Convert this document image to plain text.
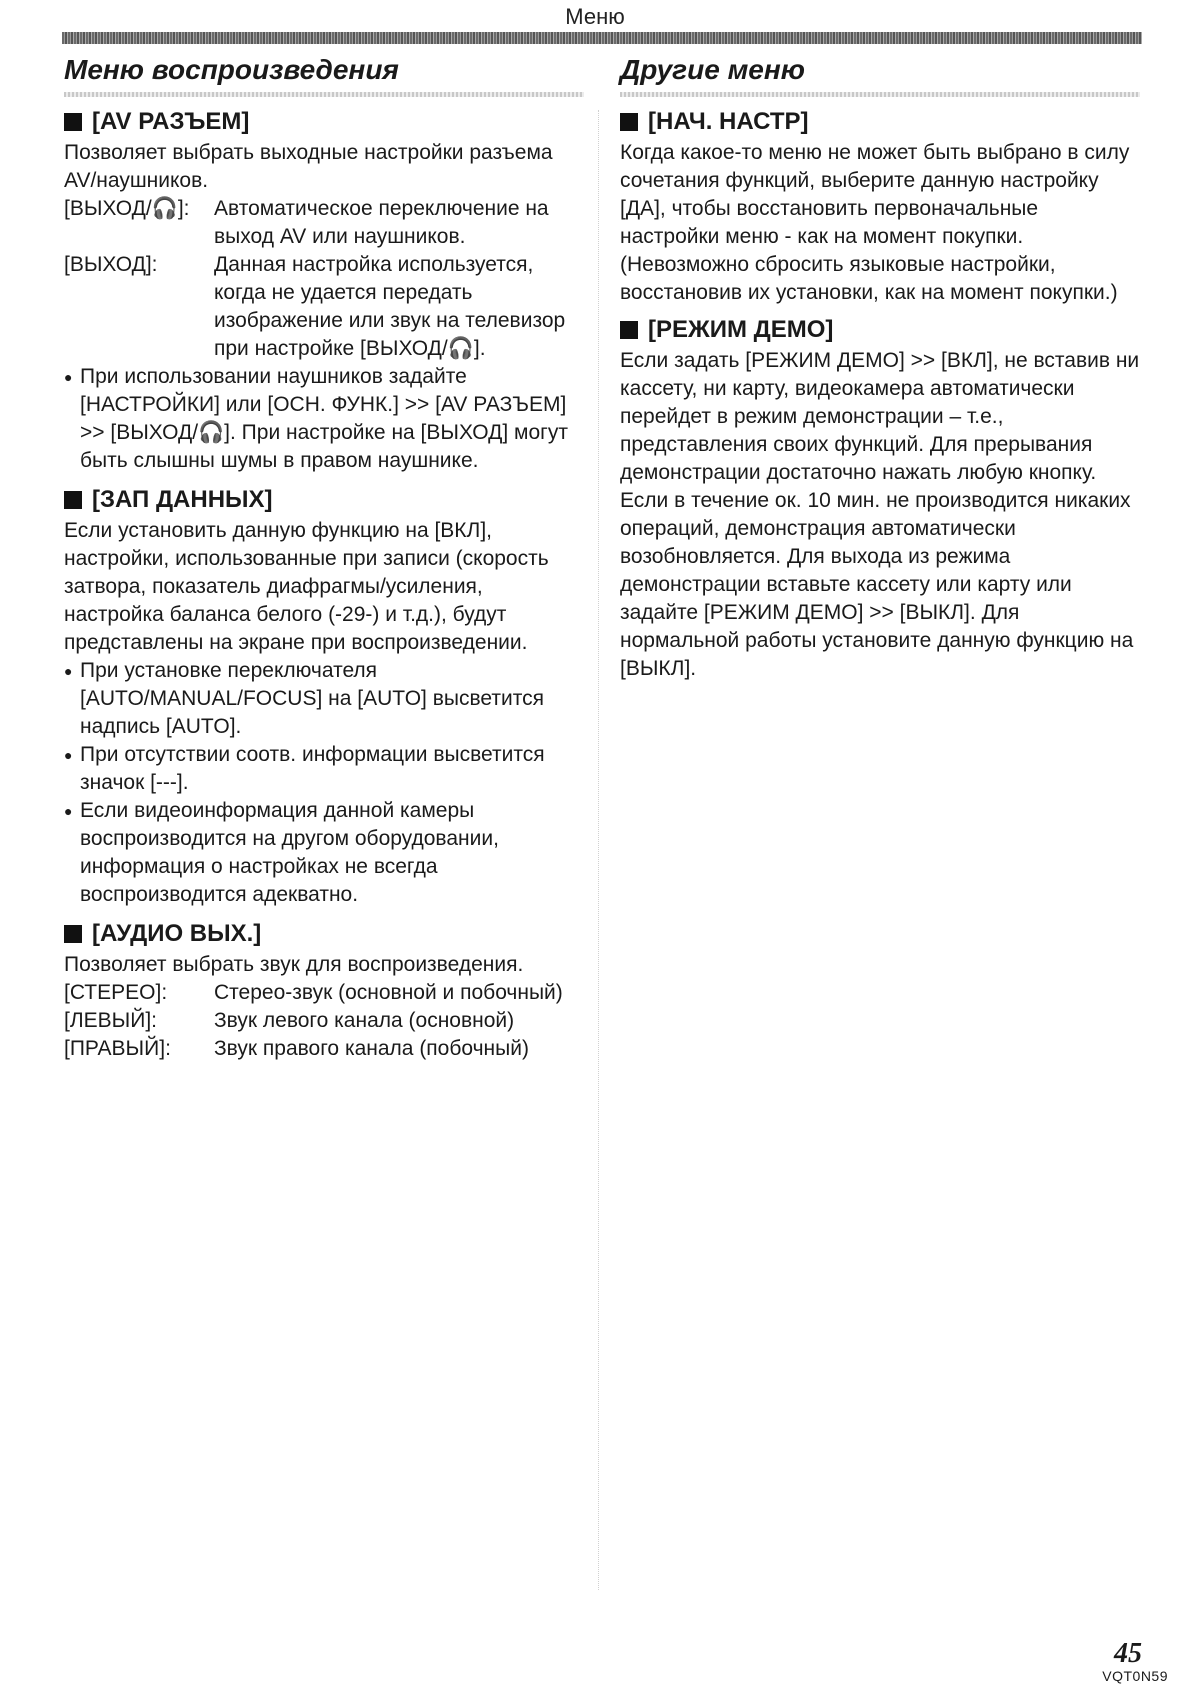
Меню
Меню воспроизведения
[AV РАЗЪЕМ]

Позволяет выбрать выходные настройки разъема AV/наушников.

[ВЫХОД/🎧]:	Автоматическое переключение на выход AV или наушников.
[ВЫХОД]:	Данная настройка используется, когда не удается передать изображение или звук на телевизор при настройке [ВЫХОД/🎧].
● При использовании наушников задайте [НАСТРОЙКИ] или [ОСН. ФУНК.] >> [AV РАЗЪЕМ] >> [ВЫХОД/🎧]. При настройке на [ВЫХОД] могут быть слышны шумы в правом наушнике.
[ЗАП ДАННЫХ]

Если установить данную функцию на [ВКЛ], настройки, использованные при записи (скорость затвора, показатель диафрагмы/усиления, настройка баланса белого (-29-) и т.д.), будут представлены на экране при воспроизведении.

● При установке переключателя [AUTO/MANUAL/FOCUS] на [AUTO] высветится надпись [AUTO].
● При отсутствии соотв. информации высветится значок [---].
● Если видеоинформация данной камеры воспроизводится на другом оборудовании, информация о настройках не всегда воспроизводится адекватно.
[АУДИО ВЫХ.]

Позволяет выбрать звук для воспроизведения.

[СТЕРЕО]:	Стерео-звук (основной и побочный)
[ЛЕВЫЙ]:	Звук левого канала (основной)
[ПРАВЫЙ]:	Звук правого канала (побочный)
Другие меню
[НАЧ. НАСТР]

Когда какое-то меню не может быть выбрано в силу сочетания функций, выберите данную настройку [ДА], чтобы восстановить первоначальные настройки меню - как на момент покупки. (Невозможно сбросить языковые настройки, восстановив их установки, как на момент покупки.)

[РЕЖИМ ДЕМО]

Если задать [РЕЖИМ ДЕМО] >> [ВКЛ], не вставив ни кассету, ни карту, видеокамера автоматически перейдет в режим демонстрации – т.е., представления своих функций. Для прерывания демонстрации достаточно нажать любую кнопку. Если в течение ок. 10 мин. не производится никаких операций, демонстрация автоматически возобновляется. Для выхода из режима демонстрации вставьте кассету или карту или задайте [РЕЖИМ ДЕМО] >> [ВЫКЛ]. Для нормальной работы установите данную функцию на [ВЫКЛ].

45
VQT0N59
